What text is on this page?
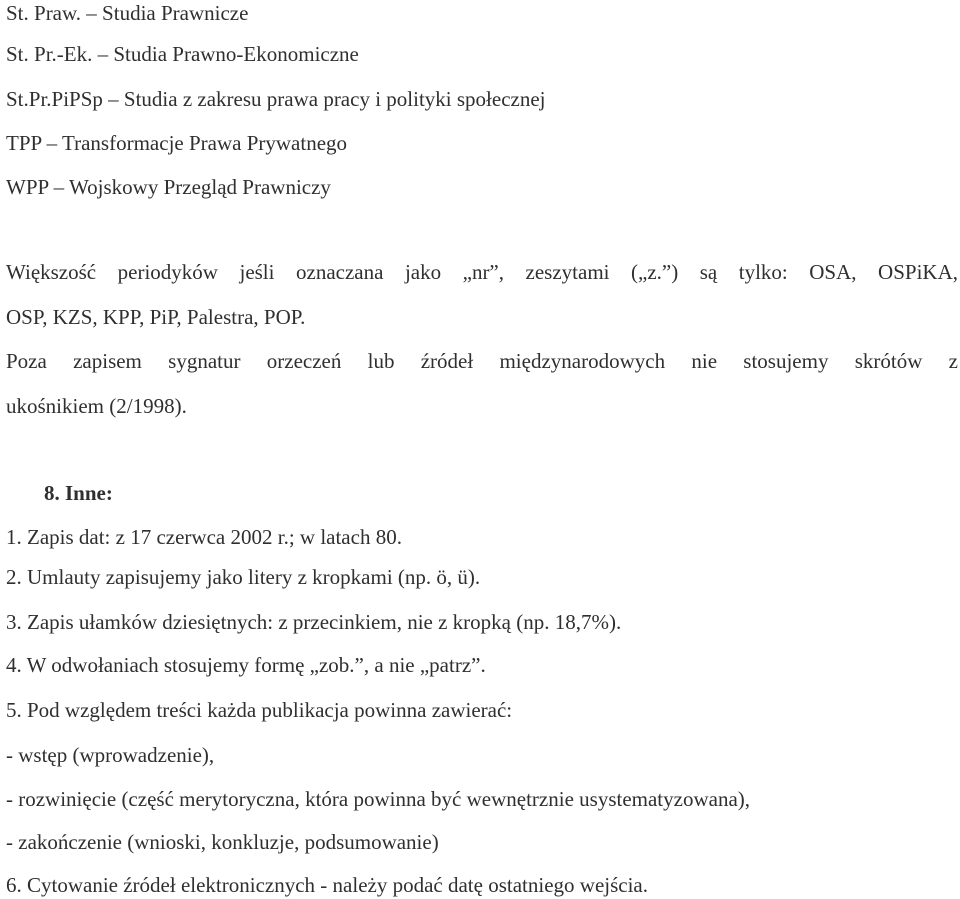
St. Praw. – Studia Prawnicze
St. Pr.-Ek. – Studia Prawno-Ekonomiczne
St.Pr.PiPSp – Studia z zakresu prawa pracy i polityki społecznej
TPP – Transformacje Prawa Prywatnego
WPP – Wojskowy Przegląd Prawniczy
Większość periodyków jeśli oznaczana jako „nr”, zeszytami („z.”) są tylko: OSA, OSPiKA,
OSP, KZS, KPP, PiP, Palestra, POP.
Poza zapisem sygnatur orzeczeń lub źródeł międzynarodowych nie stosujemy skrótów z
ukośnikiem (2/1998).
8. Inne:
1. Zapis dat: z 17 czerwca 2002 r.; w latach 80.
2. Umlauty zapisujemy jako litery z kropkami (np. ö, ü).
3. Zapis ułamków dziesiętnych: z przecinkiem, nie z kropką (np. 18,7%).
4. W odwołaniach stosujemy formę „zob.”, a nie „patrz”.
5. Pod względem treści każda publikacja powinna zawierać:
- wstęp (wprowadzenie),
- rozwinięcie (część merytoryczna, która powinna być wewnętrznie usystematyzowana),
- zakończenie (wnioski, konkluzje, podsumowanie)
6. Cytowanie źródeł elektronicznych - należy podać datę ostatniego wejścia.
